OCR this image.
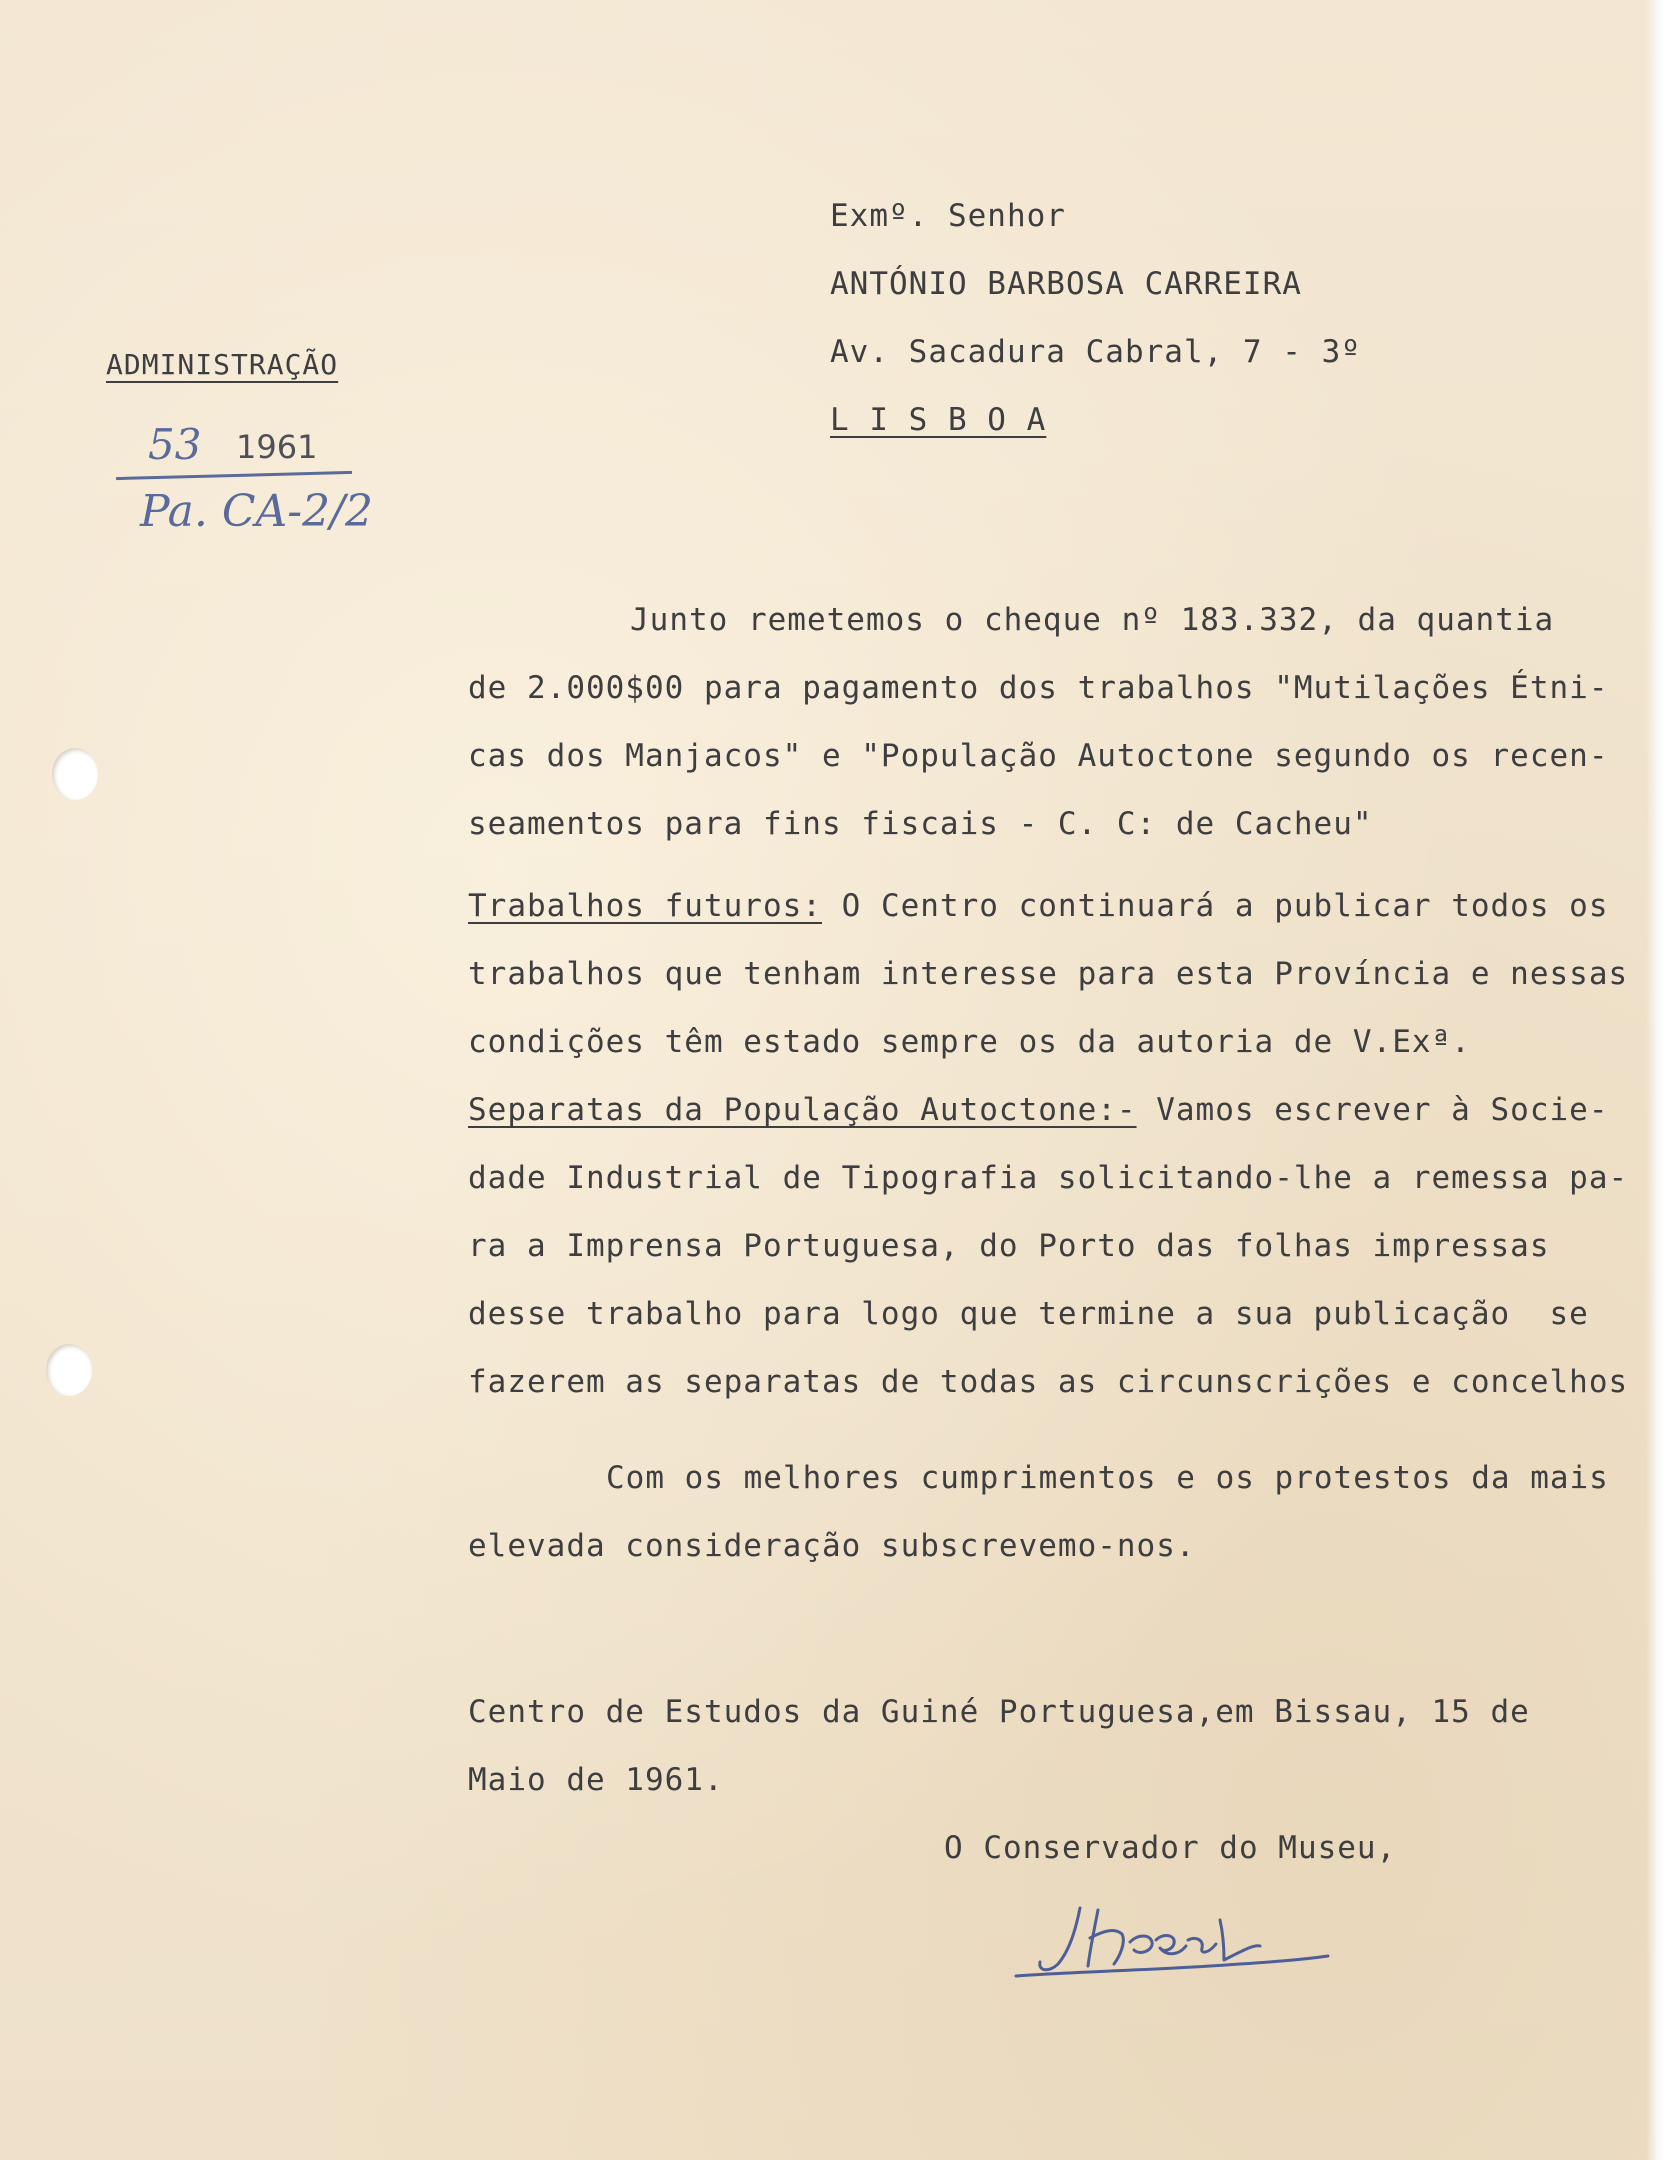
ADMINISTRAÇÃO
53 1961
Pa. CA-2/2
Exmº. Senhor
ANTÓNIO BARBOSA CARREIRA
Av. Sacadura Cabral, 7 - 3º
L I S B O A
Junto remetemos o cheque nº 183.332, da quantia
de 2.000$00 para pagamento dos trabalhos "Mutilações Étni-
cas dos Manjacos" e "População Autoctone segundo os recen-
seamentos para fins fiscais - C. C: de Cacheu"
Trabalhos futuros: O Centro continuará a publicar todos os
trabalhos que tenham interesse para esta Província e nessas
condições têm estado sempre os da autoria de V.Exª.
Separatas da População Autoctone:- Vamos escrever à Socie-
dade Industrial de Tipografia solicitando-lhe a remessa pa-
ra a Imprensa Portuguesa, do Porto das folhas impressas
desse trabalho para logo que termine a sua publicação  se
fazerem as separatas de todas as circunscrições e concelhos
Com os melhores cumprimentos e os protestos da mais
elevada consideração subscrevemo-nos.
Centro de Estudos da Guiné Portuguesa,em Bissau, 15 de
Maio de 1961.
O Conservador do Museu,
